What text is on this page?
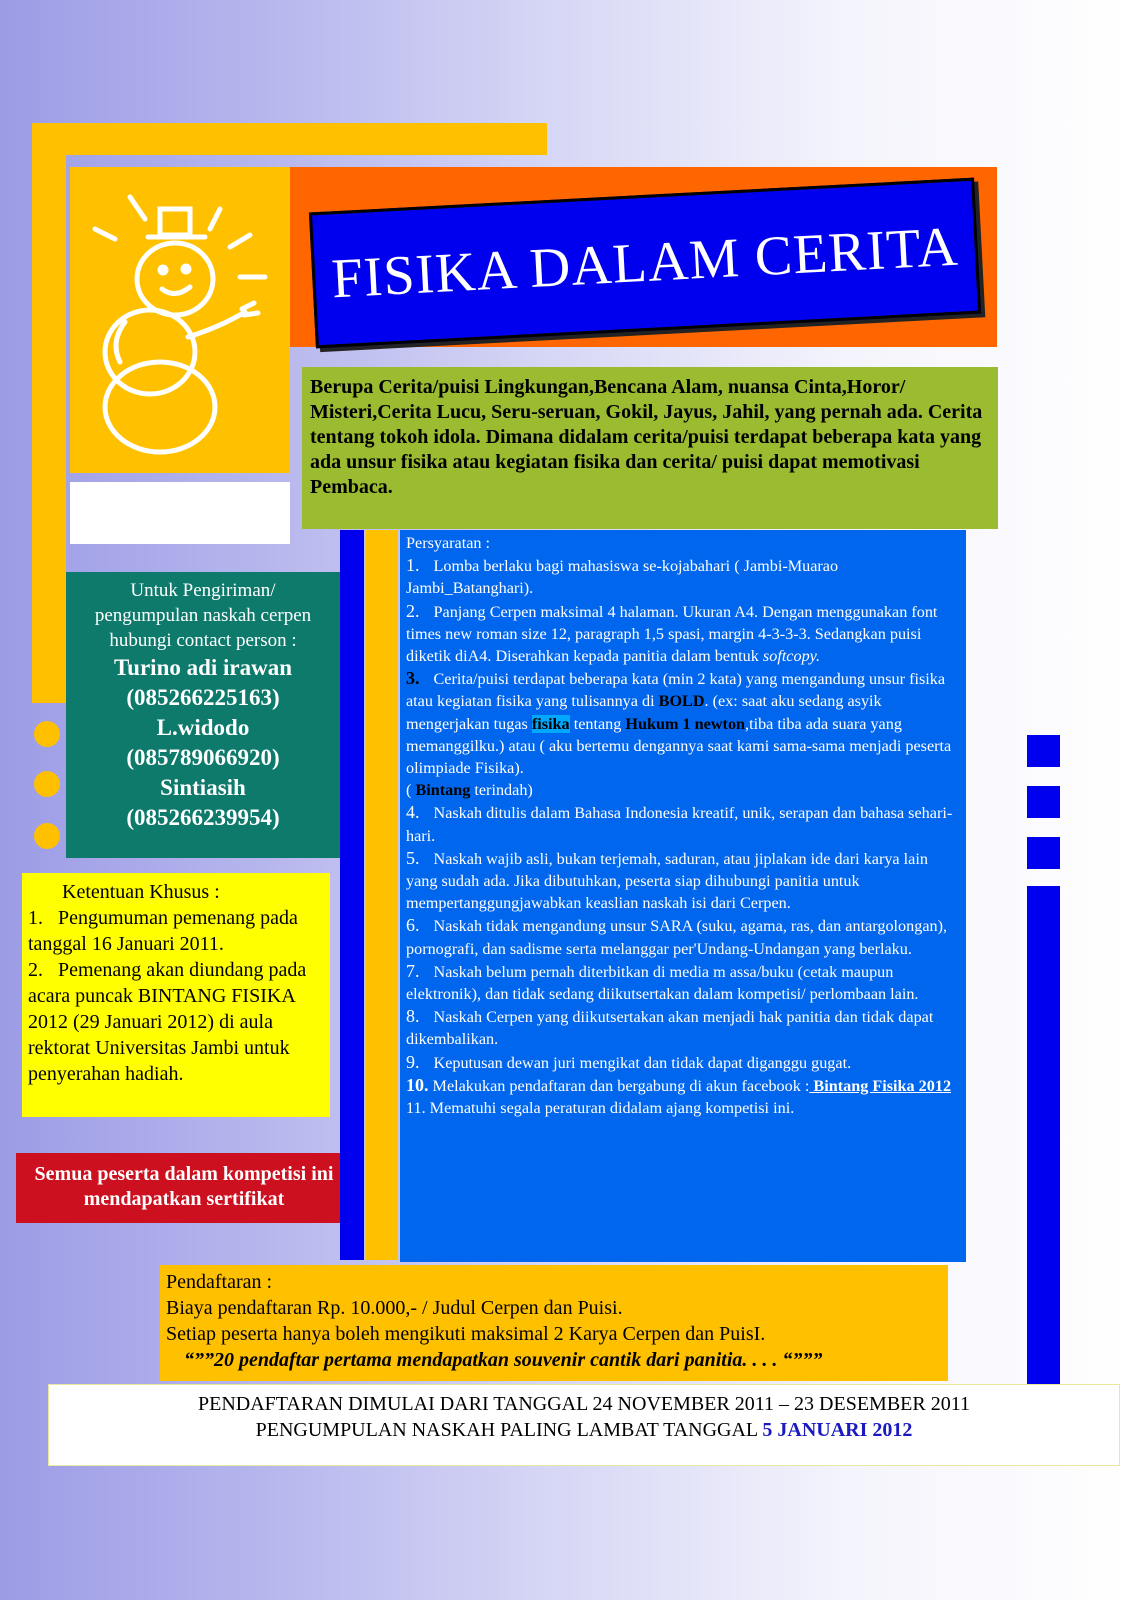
FISIKA DALAM CERITA
Berupa Cerita/puisi Lingkungan,Bencana Alam, nuansa Cinta,Horor/ Misteri,Cerita Lucu, Seru-seruan, Gokil, Jayus, Jahil, yang pernah ada. Cerita tentang tokoh idola. Dimana didalam cerita/puisi terdapat beberapa kata yang ada unsur fisika atau kegiatan fisika dan cerita/ puisi dapat memotivasi Pembaca.
Untuk Pengiriman/
pengumpulan naskah cerpen
hubungi contact person :
Turino adi irawan
(085266225163)
L.widodo
(085789066920)
Sintiasih
(085266239954)
Ketentuan Khusus :
1.   Pengumuman pemenang pada tanggal 16 Januari 2011.
2.   Pemenang akan diundang pada acara puncak BINTANG FISIKA 2012 (29 Januari 2012) di aula rektorat Universitas Jambi untuk penyerahan hadiah.
Semua peserta dalam kompetisi ini mendapatkan sertifikat

Persyaratan :

1. Lomba berlaku bagi mahasiswa se-kojabahari ( Jambi-Muarao Jambi_Batanghari).

2. Panjang Cerpen maksimal 4 halaman. Ukuran A4. Dengan menggunakan font times new roman size 12, paragraph 1,5 spasi, margin 4-3-3-3. Sedangkan puisi diketik diA4. Diserahkan kepada panitia dalam bentuk softcopy.

3. Cerita/puisi terdapat beberapa kata (min 2 kata) yang mengandung unsur fisika atau kegiatan fisika yang tulisannya di BOLD. (ex: saat aku sedang asyik mengerjakan tugas fisika tentang Hukum 1 newton,tiba tiba ada suara yang memanggilku.) atau ( aku bertemu dengannya saat kami sama-sama menjadi peserta olimpiade Fisika).
( Bintang terindah)

4. Naskah ditulis dalam Bahasa Indonesia kreatif, unik, serapan dan bahasa sehari-hari.

5. Naskah wajib asli, bukan terjemah, saduran, atau jiplakan ide dari karya lain yang sudah ada. Jika dibutuhkan, peserta siap dihubungi panitia untuk mempertanggungjawabkan keaslian naskah isi dari Cerpen.

6. Naskah tidak mengandung unsur SARA (suku, agama, ras, dan antargolongan), pornografi, dan sadisme serta melanggar per'Undang-Undangan yang berlaku.

7. Naskah belum pernah diterbitkan di media m assa/buku (cetak maupun elektronik), dan tidak sedang diikutsertakan dalam kompetisi/ perlombaan lain.

8. Naskah Cerpen yang diikutsertakan akan menjadi hak panitia dan tidak dapat dikembalikan.

9. Keputusan dewan juri mengikat dan tidak dapat diganggu gugat.

10. Melakukan pendaftaran dan bergabung di akun facebook : Bintang Fisika 2012

11. Mematuhi segala peraturan didalam ajang kompetisi ini.

Pendaftaran :
Biaya pendaftaran Rp. 10.000,- / Judul Cerpen dan Puisi.
Setiap peserta hanya boleh mengikuti maksimal 2 Karya Cerpen dan PuisI.
“””20 pendaftar pertama mendapatkan souvenir cantik dari panitia. . . . “”””
PENDAFTARAN DIMULAI DARI TANGGAL 24 NOVEMBER 2011 – 23 DESEMBER 2011
PENGUMPULAN NASKAH PALING LAMBAT TANGGAL 5 JANUARI 2012
